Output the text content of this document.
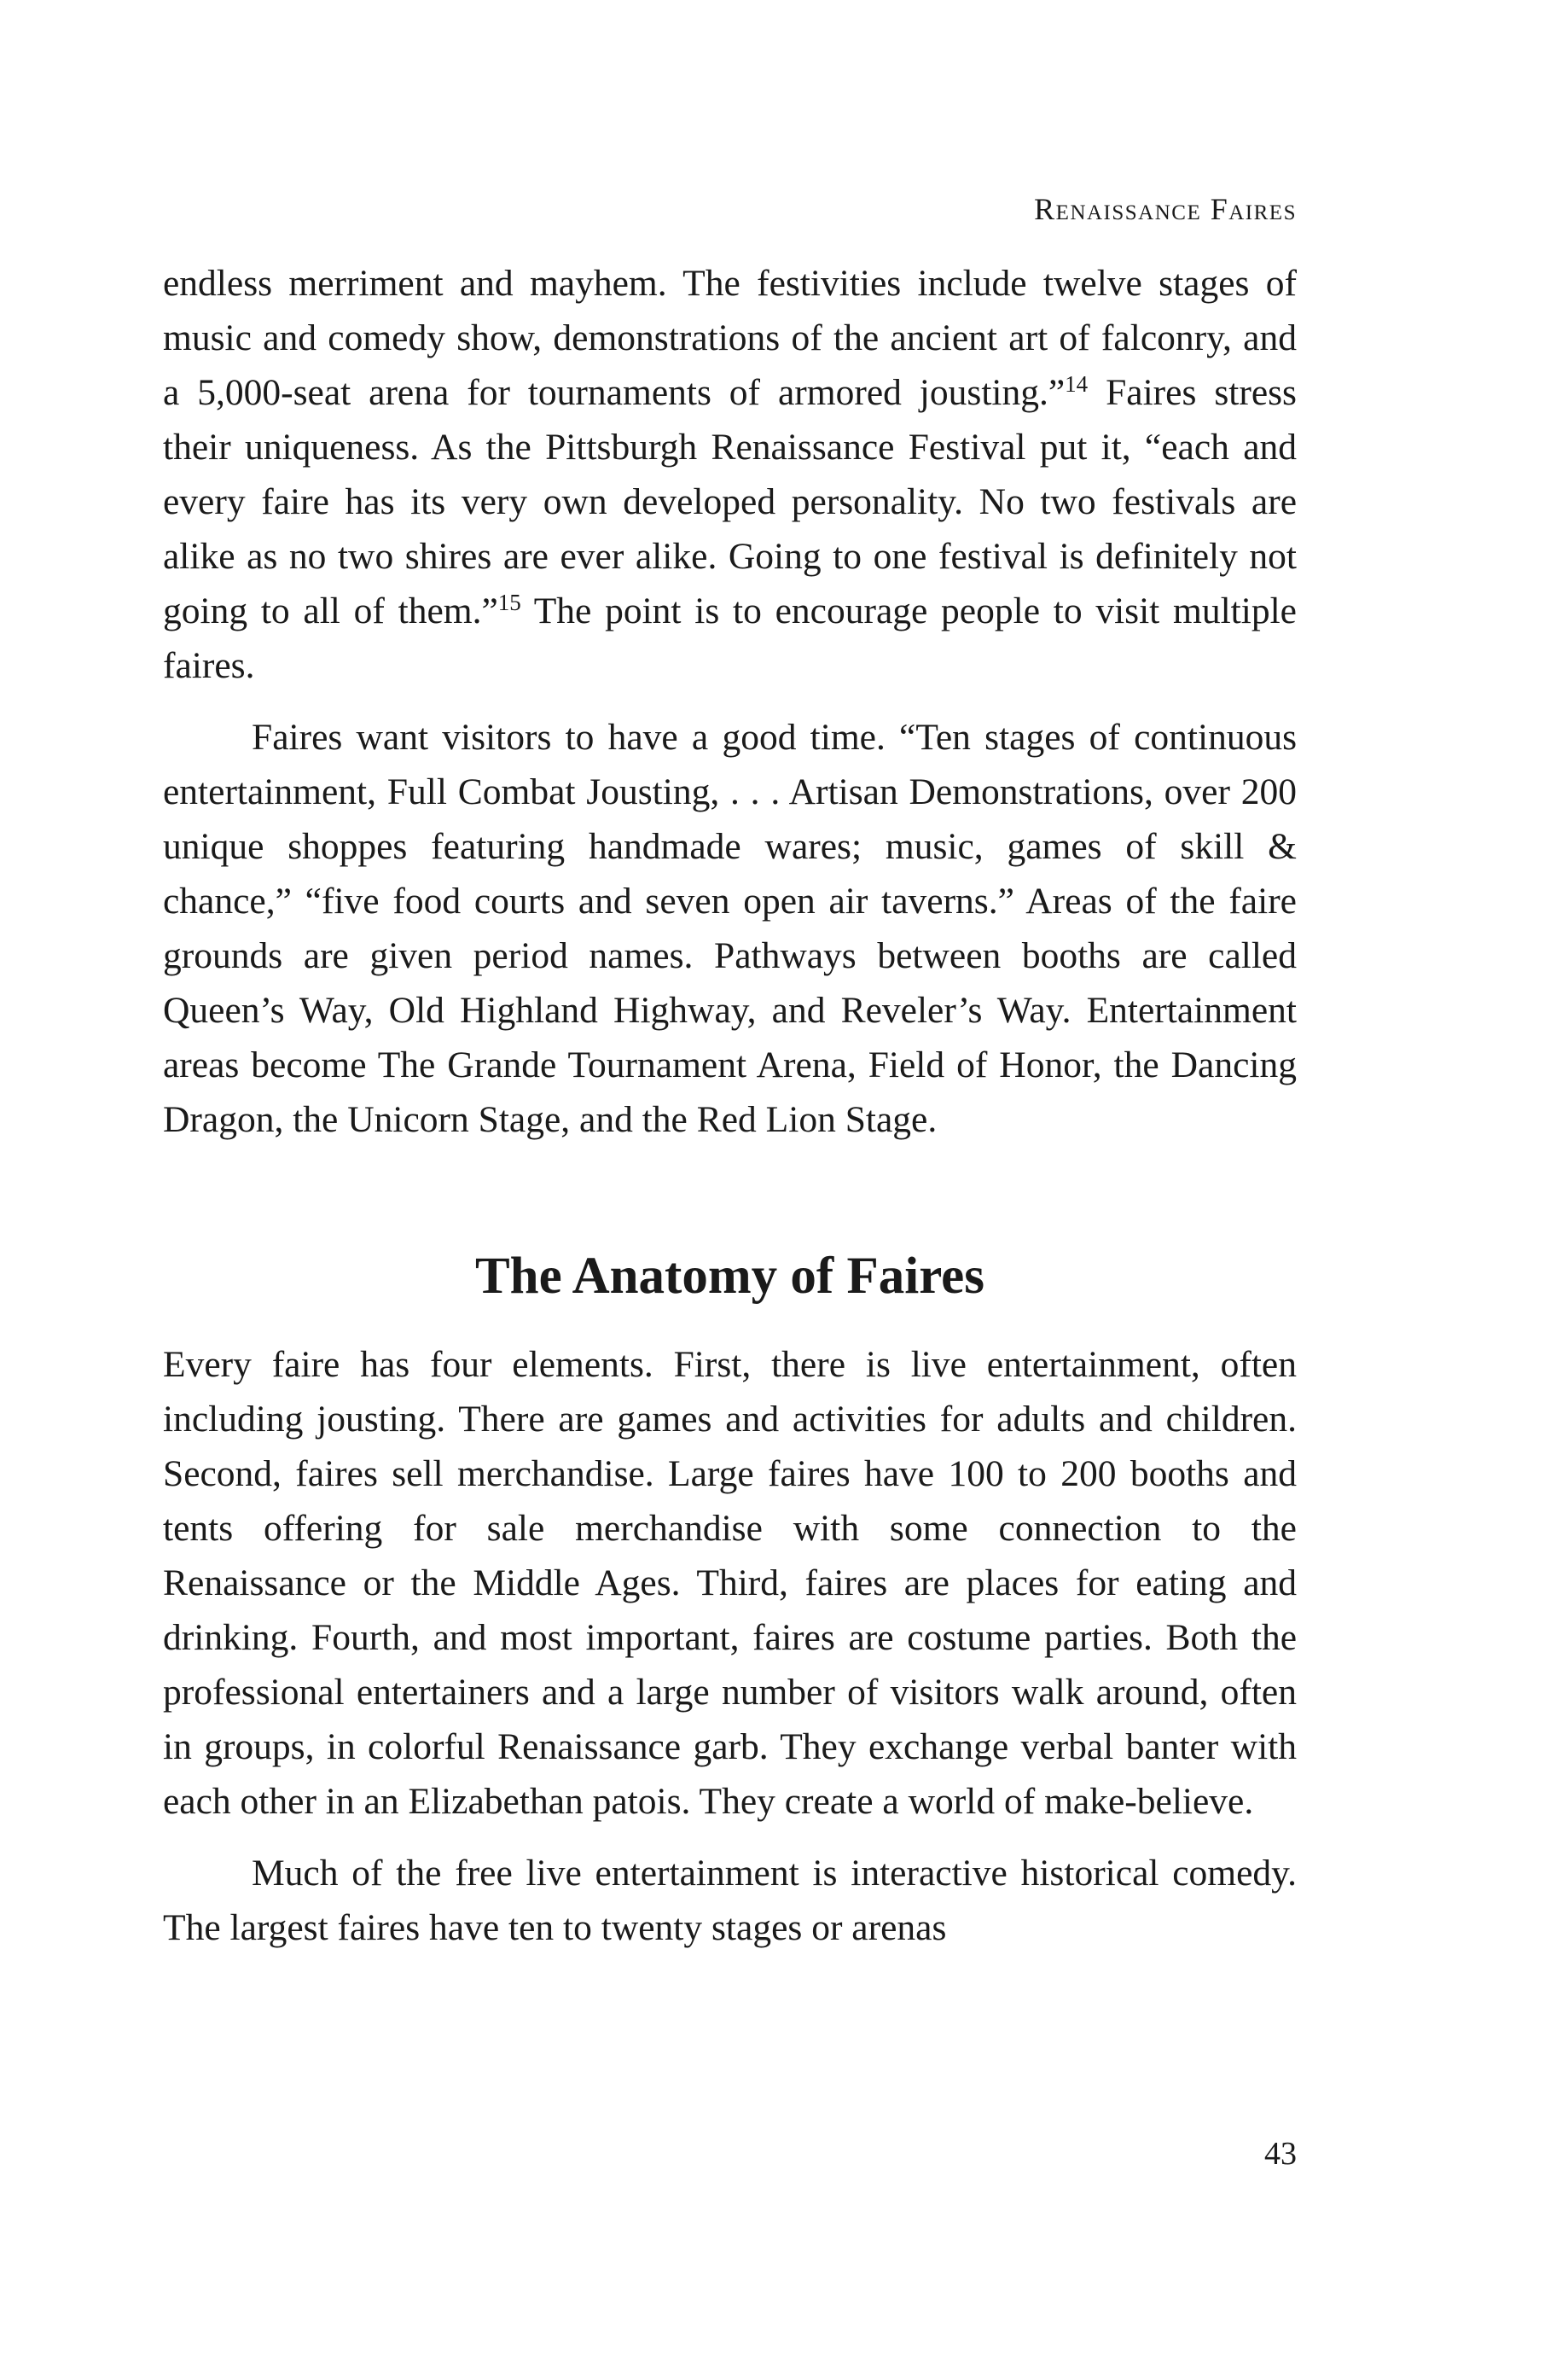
Renaissance Faires

endless merriment and mayhem. The festivities include twelve stages of music and comedy show, demonstrations of the ancient art of falconry, and a 5,000-seat arena for tournaments of armored jousting.”$^{14}$ Faires stress their uniqueness. As the Pittsburgh Renaissance Festival put it, “each and every faire has its very own developed personality. No two festivals are alike as no two shires are ever alike. Going to one festival is definitely not going to all of them.”$^{15}$ The point is to encourage people to visit multiple faires.

Faires want visitors to have a good time. “Ten stages of continuous entertainment, Full Combat Jousting, . . . Artisan Demonstrations, over 200 unique shoppes featuring handmade wares; music, games of skill & chance,” “five food courts and seven open air taverns.” Areas of the faire grounds are given period names. Pathways between booths are called Queen’s Way, Old Highland Highway, and Reveler’s Way. Entertainment areas become The Grande Tournament Arena, Field of Honor, the Dancing Dragon, the Unicorn Stage, and the Red Lion Stage.

The Anatomy of Faires

Every faire has four elements. First, there is live entertainment, often including jousting. There are games and activities for adults and children. Second, faires sell merchandise. Large faires have 100 to 200 booths and tents offering for sale merchandise with some connection to the Renaissance or the Middle Ages. Third, faires are places for eating and drinking. Fourth, and most important, faires are costume parties. Both the professional entertainers and a large number of visitors walk around, often in groups, in colorful Renaissance garb. They exchange verbal banter with each other in an Elizabethan patois. They create a world of make-believe.

Much of the free live entertainment is interactive historical comedy. The largest faires have ten to twenty stages or arenas

43
